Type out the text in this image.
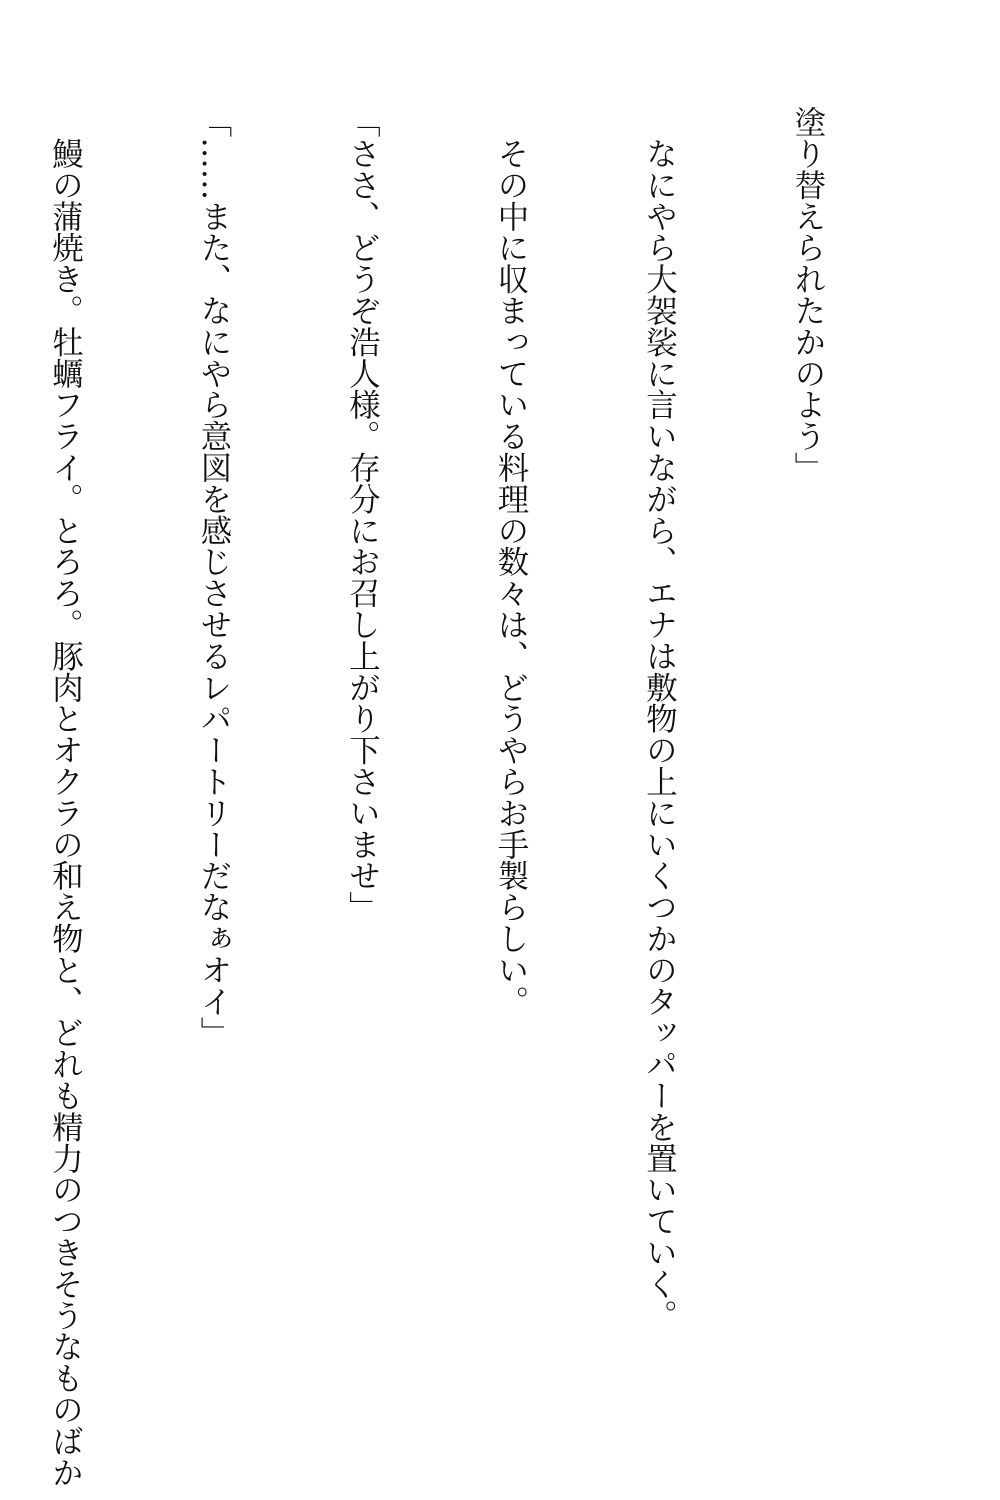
塗り替えられたかのよう」

　なにやら大袈裟に言いながら、エナは敷物の上にいくつかのタッパーを置いていく。

　その中に収まっている料理の数々は、どうやらお手製らしい。

「ささ、どうぞ浩人様。存分にお召し上がり下さいませ」

「……また、なにやら意図を感じさせるレパートリーだなぁオイ」

　鰻の蒲焼き。牡蠣フライ。とろろ。豚肉とオクラの和え物と、どれも精力のつきそうなものばか
